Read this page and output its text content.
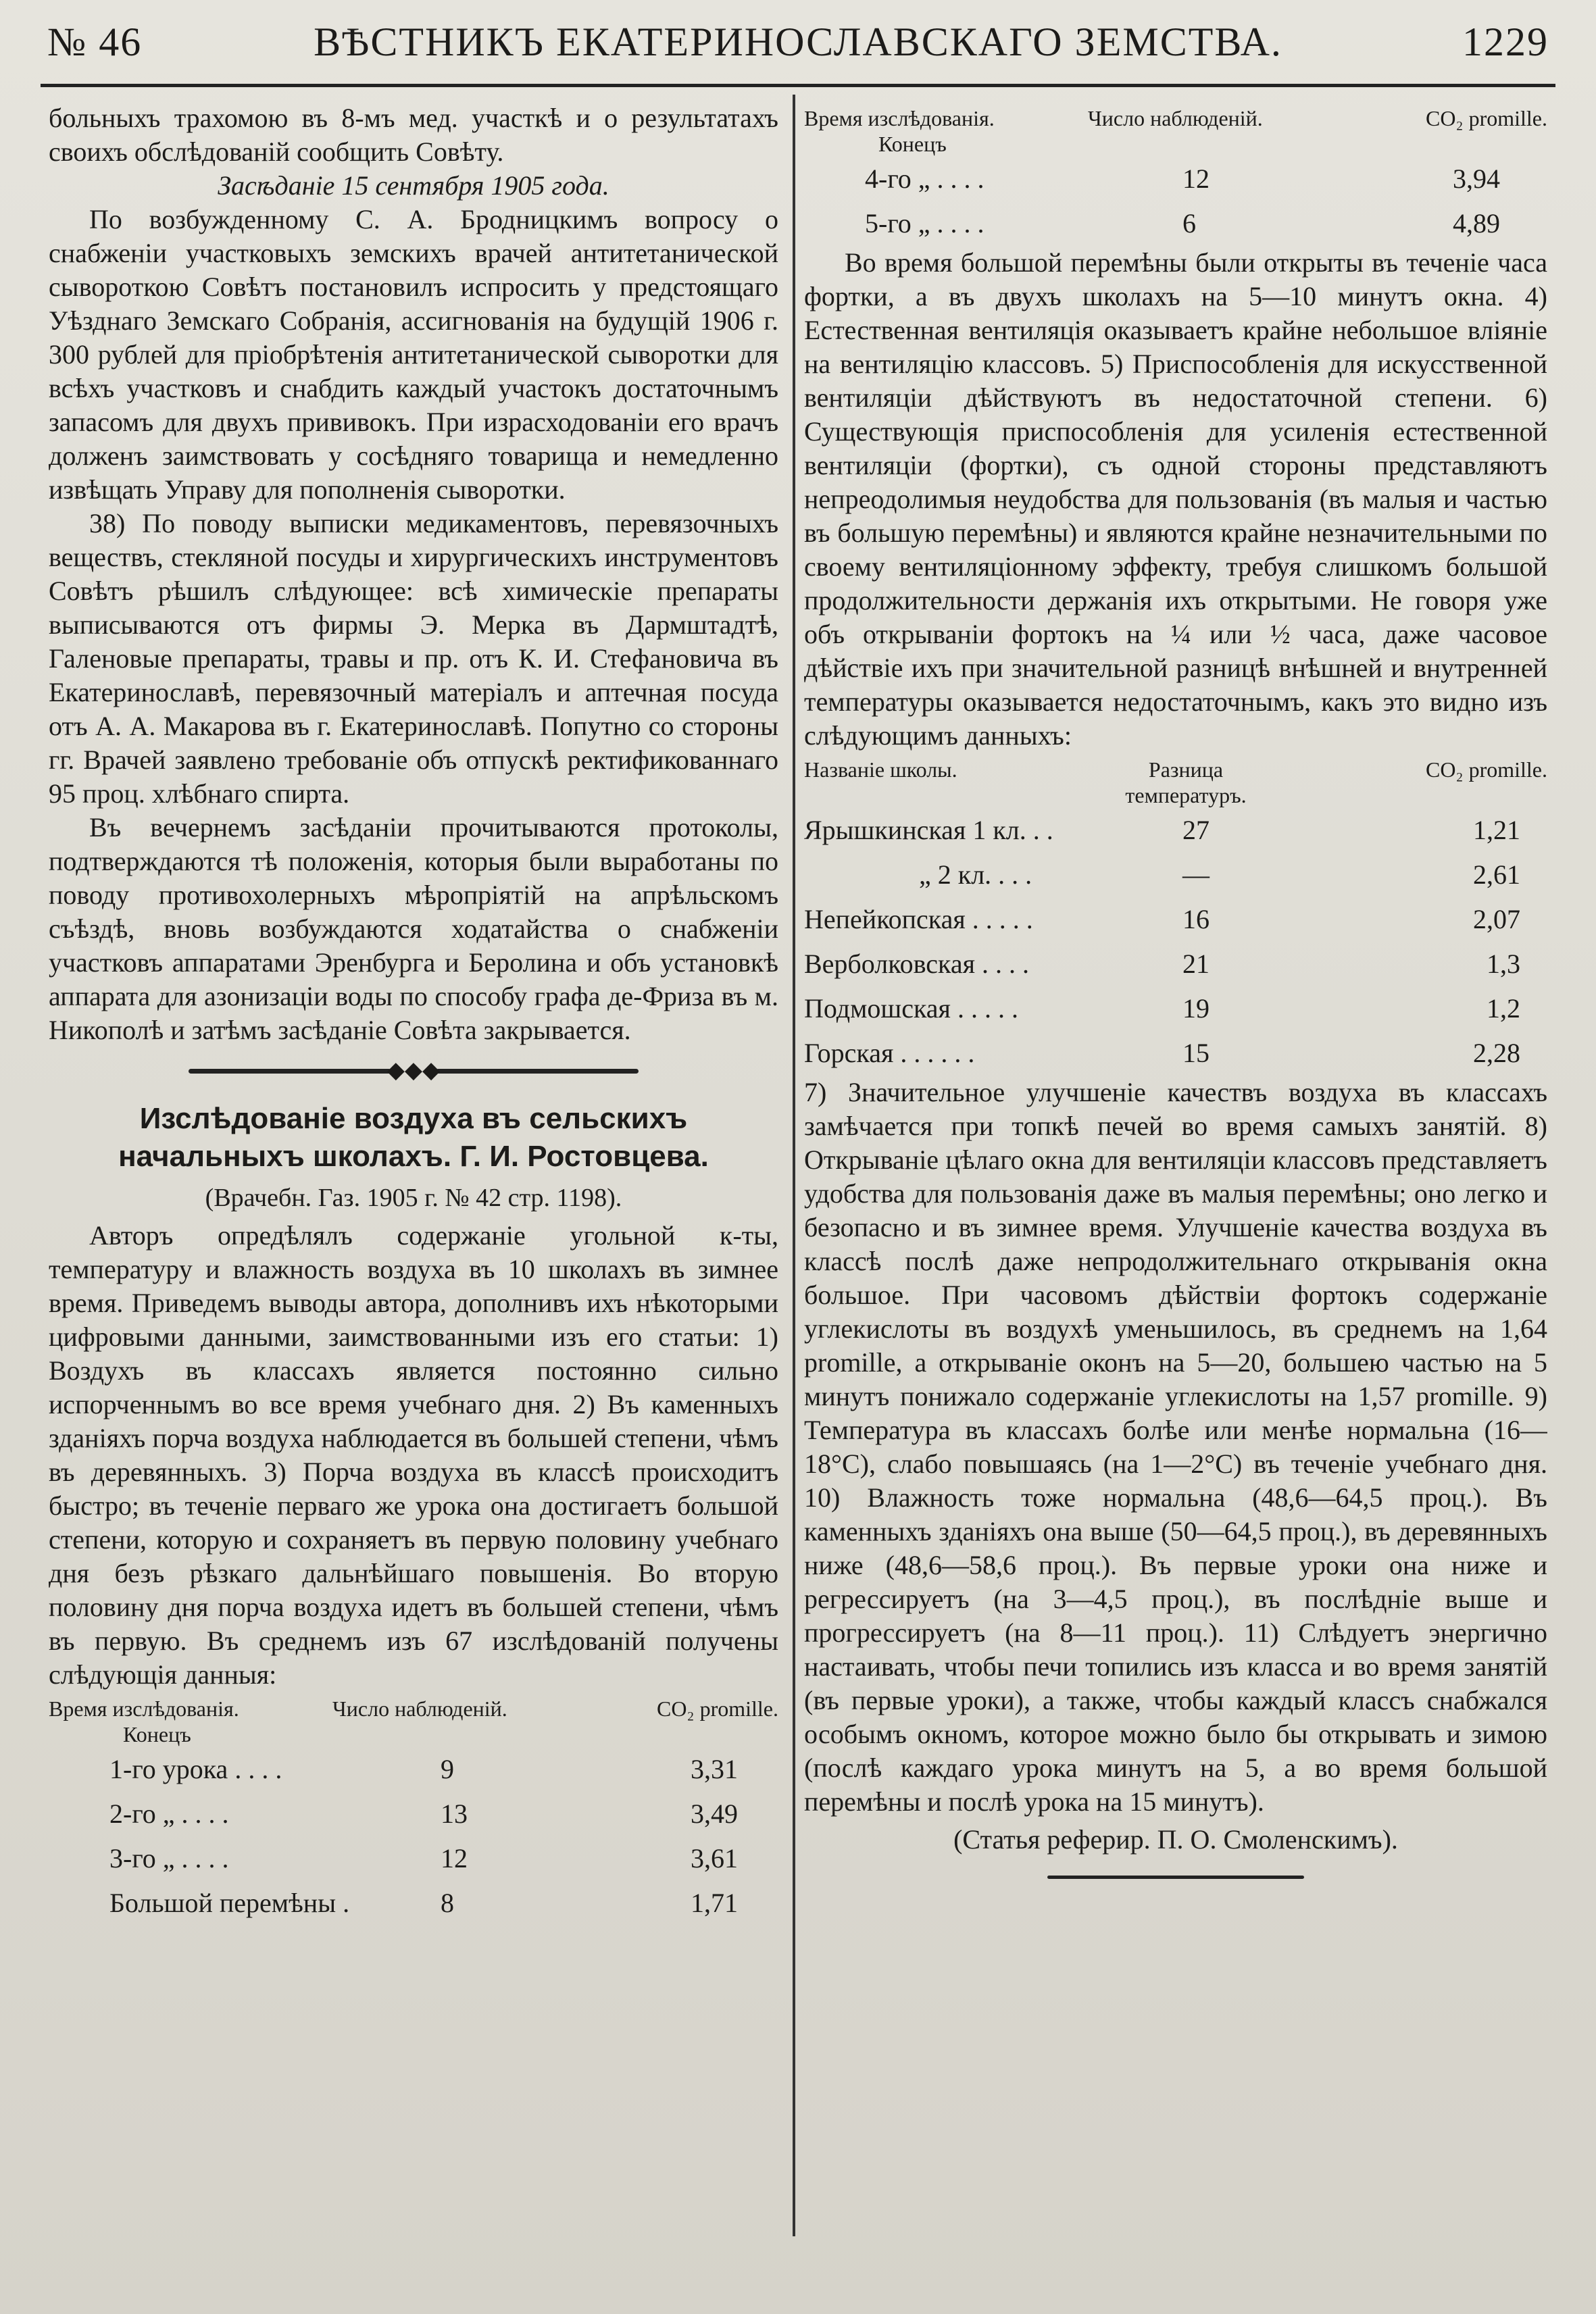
№ 46	ВѢСТНИКЪ ЕКАТЕРИНОСЛАВСКАГО ЗЕМСТВА.	1229

больныхъ трахомою въ 8-мъ мед. участкѣ и о результатахъ своихъ обслѣдованій сообщить Совѣту.

Засѣданіе 15 сентября 1905 года.

По возбужденному С. А. Бродницкимъ вопросу о снабженіи участковыхъ земскихъ врачей антитетанической сывороткою Совѣтъ постановилъ испросить у предстоящаго Уѣзднаго Земскаго Собранія, ассигнованія на будущій 1906 г. 300 рублей для пріобрѣтенія антитетанической сыворотки для всѣхъ участковъ и снабдить каждый участокъ достаточнымъ запасомъ для двухъ прививокъ. При израсходованіи его врачъ долженъ заимствовать у сосѣдняго товарища и немедленно извѣщать Управу для пополненія сыворотки.

38) По поводу выписки медикаментовъ, перевязочныхъ веществъ, стекляной посуды и хирургическихъ инструментовъ Совѣтъ рѣшилъ слѣдующее: всѣ химическіе препараты выписываются отъ фирмы Э. Мерка въ Дармштадтѣ, Галеновые препараты, травы и пр. отъ К. И. Стефановича въ Екатеринославѣ, перевязочный матеріалъ и аптечная посуда отъ А. А. Макарова въ г. Екатеринославѣ. Попутно со стороны гг. Врачей заявлено требованіе объ отпускѣ ректификованнаго 95 проц. хлѣбнаго спирта.

Въ вечернемъ засѣданіи прочитываются протоколы, подтверждаются тѣ положенія, которыя были выработаны по поводу противохолерныхъ мѣропріятій на апрѣльскомъ съѣздѣ, вновь возбуждаются ходатайства о снабженіи участковъ аппаратами Эренбурга и Беролина и объ установкѣ аппарата для азонизаціи воды по способу графа де-Фриза въ м. Никополѣ и затѣмъ засѣданіе Совѣта закрывается.

◆◆◆
Изслѣдованіе воздуха въ сельскихъ начальныхъ школахъ. Г. И. Ростовцева.
(Врачебн. Газ. 1905 г. № 42 стр. 1198).

Авторъ опредѣлялъ содержаніе угольной к-ты, температуру и влажность воздуха въ 10 школахъ въ зимнее время. Приведемъ выводы автора, дополнивъ ихъ нѣкоторыми цифровыми данными, заимствованными изъ его статьи: 1) Воздухъ въ классахъ является постоянно сильно испорченнымъ во все время учебнаго дня. 2) Въ каменныхъ зданіяхъ порча воздуха наблюдается въ большей степени, чѣмъ въ деревянныхъ. 3) Порча воздуха въ классѣ происходитъ быстро; въ теченіе перваго же урока она достигаетъ большой степени, которую и сохраняетъ въ первую половину учебнаго дня безъ рѣзкаго дальнѣйшаго повышенія. Во вторую половину дня порча воздуха идетъ въ большей степени, чѣмъ въ первую. Въ среднемъ изъ 67 изслѣдованій получены слѣдующія данныя:

Время изслѣдованія.
Конецъ
Число наблюденій.	CO₂ promille.
1-го урока . . . .	9	3,31
2-го „ . . . .	13	3,49
3-го „ . . . .	12	3,61
Большой перемѣны .	8	1,71
Время изслѣдованія.
Конецъ
Число наблюденій.	CO₂ promille.
4-го „ . . . .	12	3,94
5-го „ . . . .	6	4,89

Во время большой перемѣны были открыты въ теченіе часа фортки, а въ двухъ школахъ на 5—10 минутъ окна. 4) Естественная вентиляція оказываетъ крайне небольшое вліяніе на вентиляцію классовъ. 5) Приспособленія для искусственной вентиляціи дѣйствуютъ въ недостаточной степени. 6) Существующія приспособленія для усиленія естественной вентиляціи (фортки), съ одной стороны представляютъ непреодолимыя неудобства для пользованія (въ малыя и частью въ большую перемѣны) и являются крайне незначительными по своему вентиляціонному эффекту, требуя слишкомъ большой продолжительности держанія ихъ открытыми. Не говоря уже объ открываніи фортокъ на ¼ или ½ часа, даже часовое дѣйствіе ихъ при значительной разницѣ внѣшней и внутренней температуры оказывается недостаточнымъ, какъ это видно изъ слѣдующимъ данныхъ:

Названіе школы.	Разница температуръ.
CO₂ promille.
Ярышкинская 1 кл. . .	27	1,21
„ 2 кл. . . .	—	2,61
Непейкопская . . . . .	16	2,07
Верболковская . . . .	21	1,3
Подмошская . . . . .	19	1,2
Горская . . . . . .	15	2,28

7) Значительное улучшеніе качествъ воздуха въ классахъ замѣчается при топкѣ печей во время самыхъ занятій. 8) Открываніе цѣлаго окна для вентиляціи классовъ представляетъ удобства для пользованія даже въ малыя перемѣны; оно легко и безопасно и въ зимнее время. Улучшеніе качества воздуха въ классѣ послѣ даже непродолжительнаго открыванія окна большое. При часовомъ дѣйствіи фортокъ содержаніе углекислоты въ воздухѣ уменьшилось, въ среднемъ на 1,64 promille, а открываніе оконъ на 5—20, большею частью на 5 минутъ понижало содержаніе углекислоты на 1,57 promille. 9) Температура въ классахъ болѣе или менѣе нормальна (16—18°C), слабо повышаясь (на 1—2°C) въ теченіе учебнаго дня. 10) Влажность тоже нормальна (48,6—64,5 проц.). Въ каменныхъ зданіяхъ она выше (50—64,5 проц.), въ деревянныхъ ниже (48,6—58,6 проц.). Въ первые уроки она ниже и регрессируетъ (на 3—4,5 проц.), въ послѣдніе выше и прогрессируетъ (на 8—11 проц.). 11) Слѣдуетъ энергично настаивать, чтобы печи топились изъ класса и во время занятій (въ первые уроки), а также, чтобы каждый классъ снабжался особымъ окномъ, которое можно было бы открывать и зимою (послѣ каждаго урока минутъ на 5, а во время большой перемѣны и послѣ урока на 15 минутъ).

(Статья реферир. П. О. Смоленскимъ).
